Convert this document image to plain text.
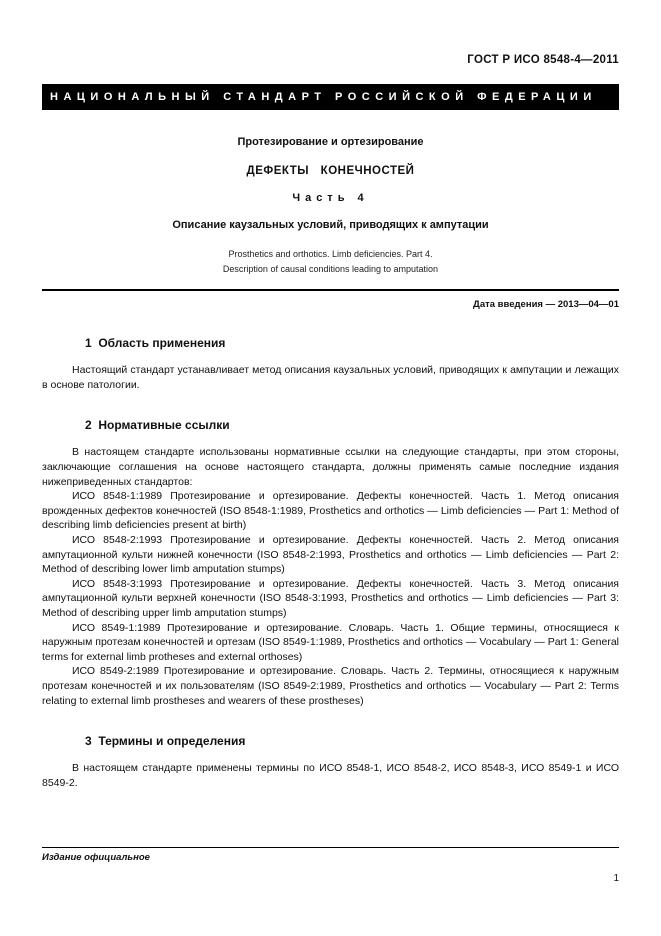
ГОСТ Р ИСО 8548-4—2011
НАЦИОНАЛЬНЫЙ СТАНДАРТ РОССИЙСКОЙ ФЕДЕРАЦИИ

Протезирование и ортезирование

ДЕФЕКТЫ КОНЕЧНОСТЕЙ

Часть 4

Описание каузальных условий, приводящих к ампутации

Prosthetics and orthotics. Limb deficiencies. Part 4.

Description of causal conditions leading to amputation

Дата введения — 2013—04—01
1  Область применения

Настоящий стандарт устанавливает метод описания каузальных условий, приводящих к ампутации и лежащих в основе патологии.

2  Нормативные ссылки

В настоящем стандарте использованы нормативные ссылки на следующие стандарты, при этом стороны, заключающие соглашения на основе настоящего стандарта, должны применять самые последние издания нижеприведенных стандартов:

ИСО 8548-1:1989 Протезирование и ортезирование. Дефекты конечностей. Часть 1. Метод описания врожденных дефектов конечностей (ISO 8548-1:1989, Prosthetics and orthotics — Limb deficiencies — Part 1: Method of describing limb deficiencies present at birth)

ИСО 8548-2:1993 Протезирование и ортезирование. Дефекты конечностей. Часть 2. Метод описания ампутационной культи нижней конечности (ISO 8548-2:1993, Prosthetics and orthotics — Limb deficiencies — Part 2: Method of describing lower limb amputation stumps)

ИСО 8548-3:1993 Протезирование и ортезирование. Дефекты конечностей. Часть 3. Метод описания ампутационной культи верхней конечности (ISO 8548-3:1993, Prosthetics and orthotics — Limb deficiencies — Part 3: Method of describing upper limb amputation stumps)

ИСО 8549-1:1989 Протезирование и ортезирование. Словарь. Часть 1. Общие термины, относящиеся к наружным протезам конечностей и ортезам (ISO 8549-1:1989, Prosthetics and orthotics — Vocabulary — Part 1: General terms for external limb protheses and external orthoses)

ИСО 8549-2:1989 Протезирование и ортезирование. Словарь. Часть 2. Термины, относящиеся к наружным протезам конечностей и их пользователям (ISO 8549-2:1989, Prosthetics and orthotics — Vocabulary — Part 2: Terms relating to external limb prostheses and wearers of these prostheses)

3  Термины и определения

В настоящем стандарте применены термины по ИСО 8548-1, ИСО 8548-2, ИСО 8548-3, ИСО 8549-1 и ИСО 8549-2.

Издание официальное
1
